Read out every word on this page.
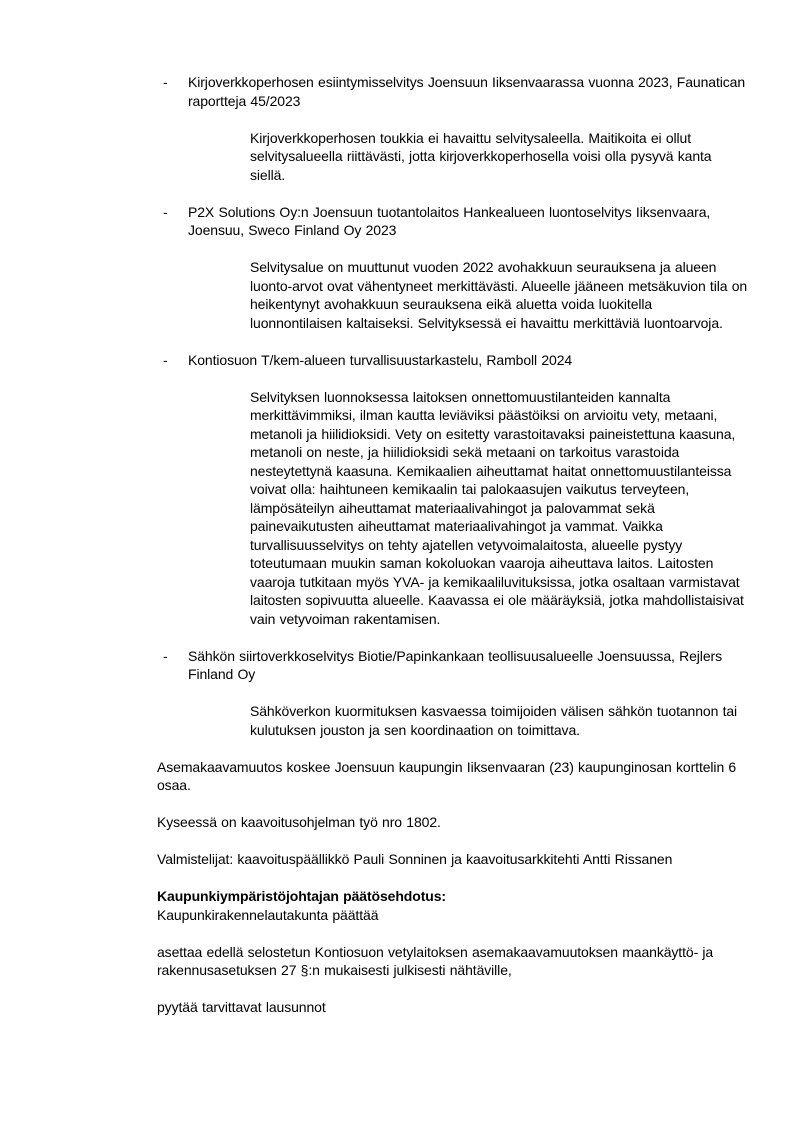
-	Kirjoverkkoperhosen esiintymisselvitys Joensuun Iiksenvaarassa vuonna 2023, Faunatican raportteja 45/2023
Kirjoverkkoperhosen toukkia ei havaittu selvitysaleella. Maitikoita ei ollut selvitysalueella riittävästi, jotta kirjoverkkoperhosella voisi olla pysyvä kanta siellä.
-	P2X Solutions Oy:n Joensuun tuotantolaitos Hankealueen luontoselvitys Iiksenvaara, Joensuu, Sweco Finland Oy 2023
Selvitysalue on muuttunut vuoden 2022 avohakkuun seurauksena ja alueen luonto-arvot ovat vähentyneet merkittävästi. Alueelle jääneen metsäkuvion tila on heikentynyt avohakkuun seurauksena eikä aluetta voida luokitella luonnontilaisen kaltaiseksi. Selvityksessä ei havaittu merkittäviä luontoarvoja.
-	Kontiosuon T/kem-alueen turvallisuustarkastelu, Ramboll 2024
Selvityksen luonnoksessa laitoksen onnettomuustilanteiden kannalta merkittävimmiksi, ilman kautta leviäviksi päästöiksi on arvioitu vety, metaani, metanoli ja hiilidioksidi. Vety on esitetty varastoitavaksi paineistettuna kaasuna, metanoli on neste, ja hiilidioksidi sekä metaani on tarkoitus varastoida nesteytettynä kaasuna. Kemikaalien aiheuttamat haitat onnettomuustilanteissa voivat olla: haihtuneen kemikaalin tai palokaasujen vaikutus terveyteen, lämpösäteilyn aiheuttamat materiaalivahingot ja palovammat sekä painevaikutusten aiheuttamat materiaalivahingot ja vammat. Vaikka turvallisuusselvitys on tehty ajatellen vetyvoimalaitosta, alueelle pystyy toteutumaan muukin saman kokoluokan vaaroja aiheuttava laitos. Laitosten vaaroja tutkitaan myös YVA- ja kemikaaliluvituksissa, jotka osaltaan varmistavat laitosten sopivuutta alueelle. Kaavassa ei ole määräyksiä, jotka mahdollistaisivat vain vetyvoiman rakentamisen.
-	Sähkön siirtoverkkoselvitys Biotie/Papinkankaan teollisuusalueelle Joensuussa, Rejlers Finland Oy
Sähköverkon kuormituksen kasvaessa toimijoiden välisen sähkön tuotannon tai kulutuksen jouston ja sen koordinaation on toimittava.
Asemakaavamuutos koskee Joensuun kaupungin Iiksenvaaran (23) kaupunginosan korttelin 6 osaa.
Kyseessä on kaavoitusohjelman työ nro 1802.
Valmistelijat: kaavoituspäällikkö Pauli Sonninen ja kaavoitusarkkitehti Antti Rissanen
Kaupunkiympäristöjohtajan päätösehdotus:
Kaupunkirakennelautakunta päättää
asettaa edellä selostetun Kontiosuon vetylaitoksen asemakaavamuutoksen maankäyttö- ja rakennusasetuksen 27 §:n mukaisesti julkisesti nähtäville,
pyytää tarvittavat lausunnot
